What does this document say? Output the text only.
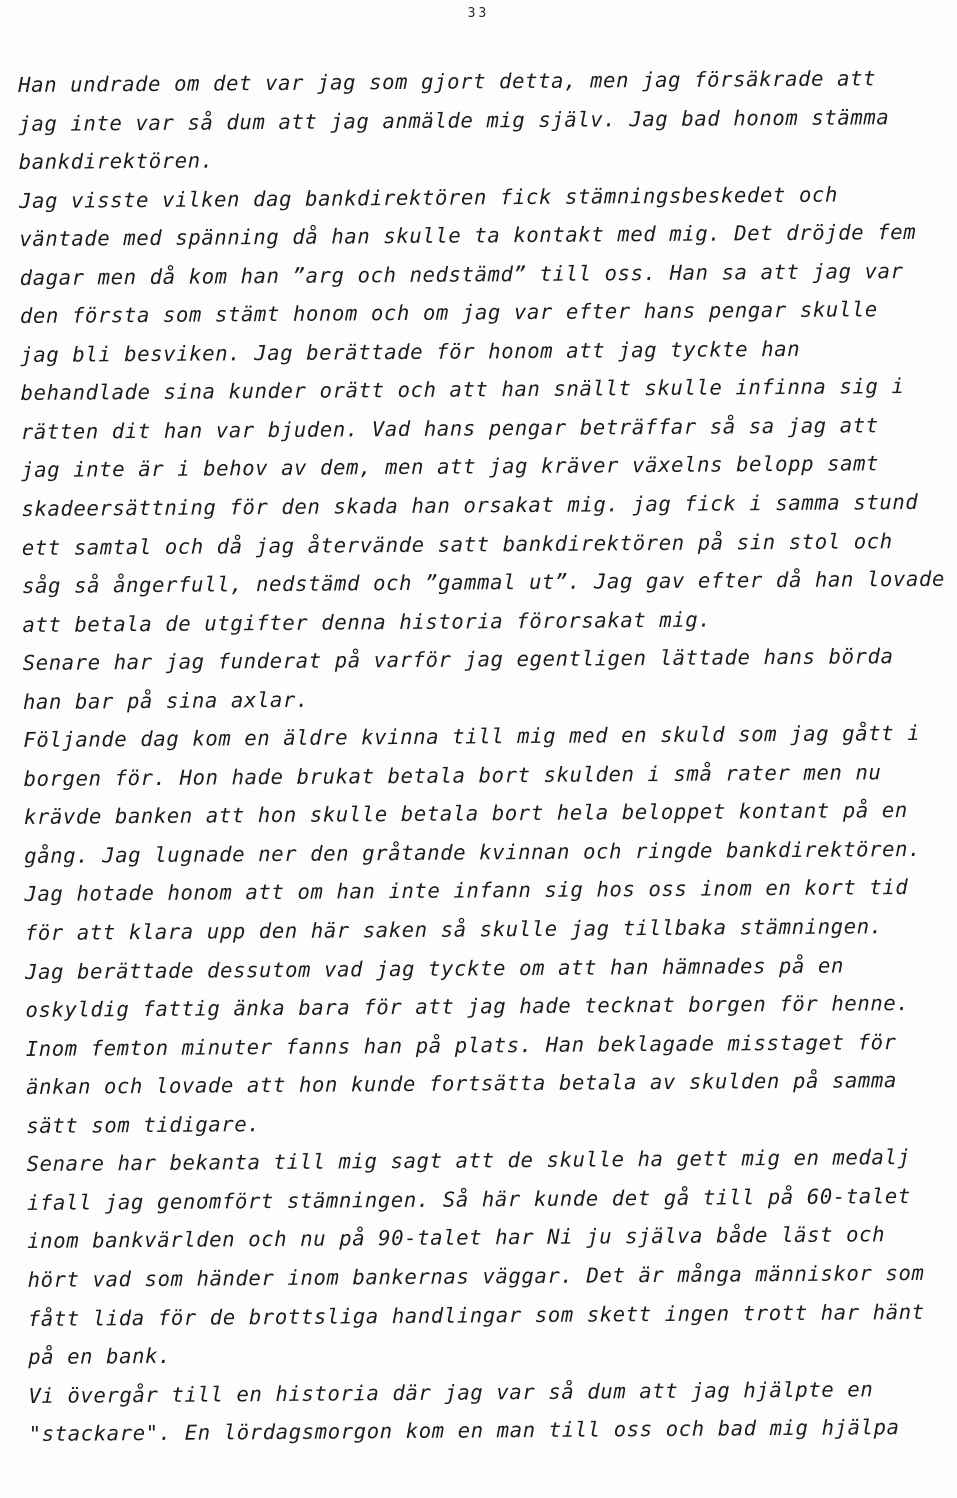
33
Han undrade om det var jag som gjort detta, men jag försäkrade att
jag inte var så dum att jag anmälde mig själv. Jag bad honom stämma
bankdirektören.
Jag visste vilken dag bankdirektören fick stämningsbeskedet och
väntade med spänning då han skulle ta kontakt med mig. Det dröjde fem
dagar men då kom han ”arg och nedstämd” till oss. Han sa att jag var
den första som stämt honom och om jag var efter hans pengar skulle
jag bli besviken. Jag berättade för honom att jag tyckte han
behandlade sina kunder orätt och att han snällt skulle infinna sig i
rätten dit han var bjuden. Vad hans pengar beträffar så sa jag att
jag inte är i behov av dem, men att jag kräver växelns belopp samt
skadeersättning för den skada han orsakat mig. jag fick i samma stund
ett samtal och då jag återvände satt bankdirektören på sin stol och
såg så ångerfull, nedstämd och ”gammal ut”. Jag gav efter då han lovade
att betala de utgifter denna historia förorsakat mig.
Senare har jag funderat på varför jag egentligen lättade hans börda
han bar på sina axlar.
Följande dag kom en äldre kvinna till mig med en skuld som jag gått i
borgen för. Hon hade brukat betala bort skulden i små rater men nu
krävde banken att hon skulle betala bort hela beloppet kontant på en
gång. Jag lugnade ner den gråtande kvinnan och ringde bankdirektören.
Jag hotade honom att om han inte infann sig hos oss inom en kort tid
för att klara upp den här saken så skulle jag tillbaka stämningen.
Jag berättade dessutom vad jag tyckte om att han hämnades på en
oskyldig fattig änka bara för att jag hade tecknat borgen för henne.
Inom femton minuter fanns han på plats. Han beklagade misstaget för
änkan och lovade att hon kunde fortsätta betala av skulden på samma
sätt som tidigare.
Senare har bekanta till mig sagt att de skulle ha gett mig en medalj
ifall jag genomfört stämningen. Så här kunde det gå till på 60-talet
inom bankvärlden och nu på 90-talet har Ni ju själva både läst och
hört vad som händer inom bankernas väggar. Det är många människor som
fått lida för de brottsliga handlingar som skett ingen trott har hänt
på en bank.
Vi övergår till en historia där jag var så dum att jag hjälpte en
"stackare". En lördagsmorgon kom en man till oss och bad mig hjälpa
